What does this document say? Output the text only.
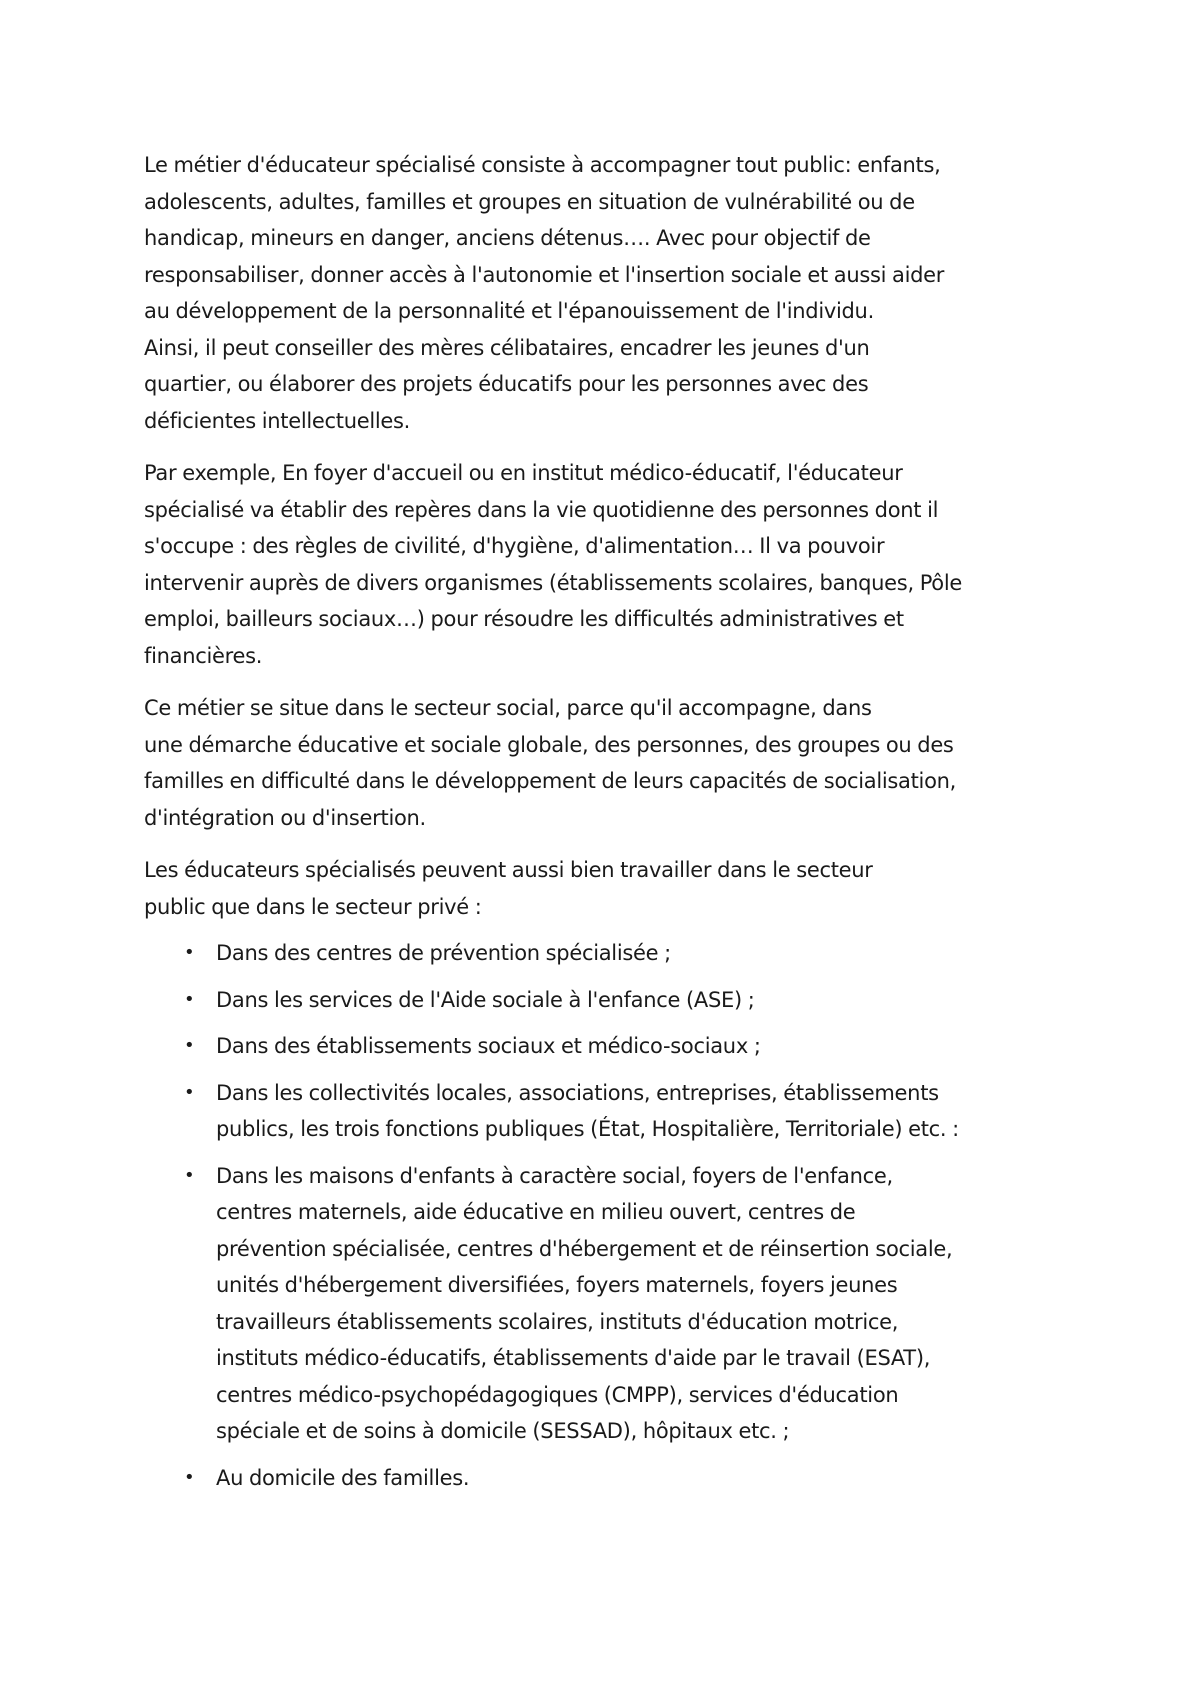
Le métier d'éducateur spécialisé consiste à accompagner tout public: enfants,
adolescents, adultes, familles et groupes en situation de vulnérabilité ou de
handicap, mineurs en danger, anciens détenus…. Avec pour objectif de
responsabiliser, donner accès à l'autonomie et l'insertion sociale et aussi aider
au développement de la personnalité et l'épanouissement de l'individu.
Ainsi, il peut conseiller des mères célibataires, encadrer les jeunes d'un
quartier, ou élaborer des projets éducatifs pour les personnes avec des
déficientes intellectuelles.
Par exemple, En foyer d'accueil ou en institut médico-éducatif, l'éducateur
spécialisé va établir des repères dans la vie quotidienne des personnes dont il
s'occupe : des règles de civilité, d'hygiène, d'alimentation… Il va pouvoir
intervenir auprès de divers organismes (établissements scolaires, banques, Pôle
emploi, bailleurs sociaux…) pour résoudre les difficultés administratives et
financières.
Ce métier se situe dans le secteur social, parce qu'il accompagne, dans
une démarche éducative et sociale globale, des personnes, des groupes ou des
familles en difficulté dans le développement de leurs capacités de socialisation,
d'intégration ou d'insertion.
Les éducateurs spécialisés peuvent aussi bien travailler dans le secteur
public que dans le secteur privé :
• Dans des centres de prévention spécialisée ;
• Dans les services de l'Aide sociale à l'enfance (ASE) ;
• Dans des établissements sociaux et médico-sociaux ;
• Dans les collectivités locales, associations, entreprises, établissements
publics, les trois fonctions publiques (État, Hospitalière, Territoriale) etc. :
• Dans les maisons d'enfants à caractère social, foyers de l'enfance,
centres maternels, aide éducative en milieu ouvert, centres de
prévention spécialisée, centres d'hébergement et de réinsertion sociale,
unités d'hébergement diversifiées, foyers maternels, foyers jeunes
travailleurs établissements scolaires, instituts d'éducation motrice,
instituts médico-éducatifs, établissements d'aide par le travail (ESAT),
centres médico-psychopédagogiques (CMPP), services d'éducation
spéciale et de soins à domicile (SESSAD), hôpitaux etc. ;
• Au domicile des familles.
